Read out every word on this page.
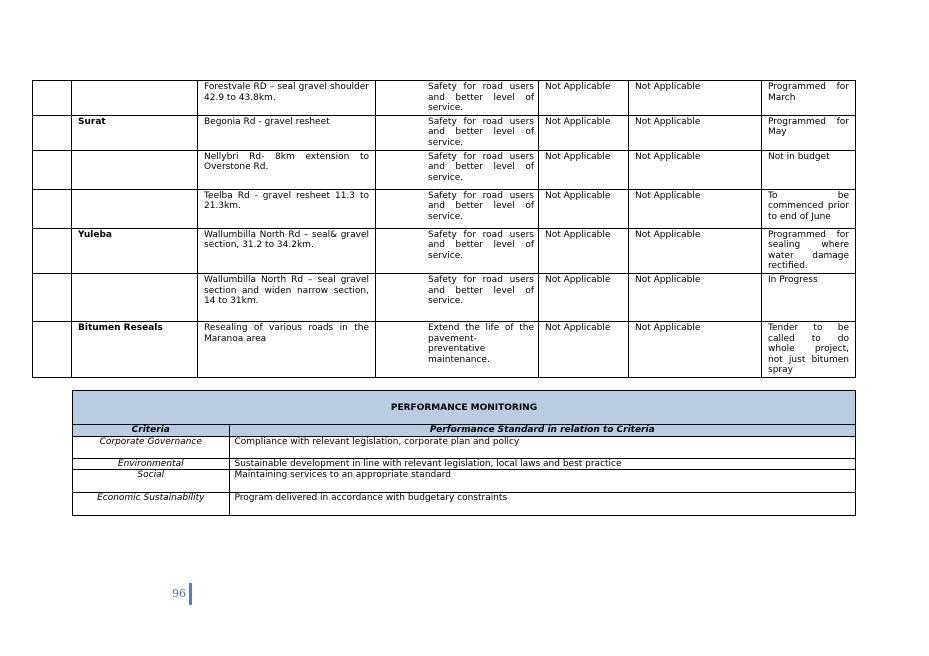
		Forestvale RD – seal gravel shoulder 42.9 to 43.8km.	Safety for road users and better level of service.	Not Applicable	Not Applicable	Programmed for March
	Surat	Begonia Rd - gravel resheet	Safety for road users and better level of service.	Not Applicable	Not Applicable	Programmed for May
		Nellybri Rd- 8km extension to Overstone Rd.	Safety for road users and better level of service.	Not Applicable	Not Applicable	Not in budget
		Teelba Rd - gravel resheet 11.3 to 21.3km.	Safety for road users and better level of service.	Not Applicable	Not Applicable	To be commenced prior to end of June
	Yuleba	Wallumbilla North Rd – seal& gravel section, 31.2 to 34.2km.	Safety for road users and better level of service.	Not Applicable	Not Applicable	Programmed for sealing where water damage rectified.
		Wallumbilla North Rd – seal gravel section and widen narrow section, 14 to 31km.	Safety for road users and better level of service.	Not Applicable	Not Applicable	In Progress
	Bitumen Reseals	Resealing of various roads in the Maranoa area	Extend the life of the pavement- preventative maintenance.	Not Applicable	Not Applicable	Tender to be called to do whole project, not just bitumen spray
PERFORMANCE MONITORING
Criteria	Performance Standard in relation to Criteria
Corporate Governance	Compliance with relevant legislation, corporate plan and policy
Environmental	Sustainable development in line with relevant legislation, local laws and best practice
Social	Maintaining services to an appropriate standard
Economic Sustainability	Program delivered in accordance with budgetary constraints
96
